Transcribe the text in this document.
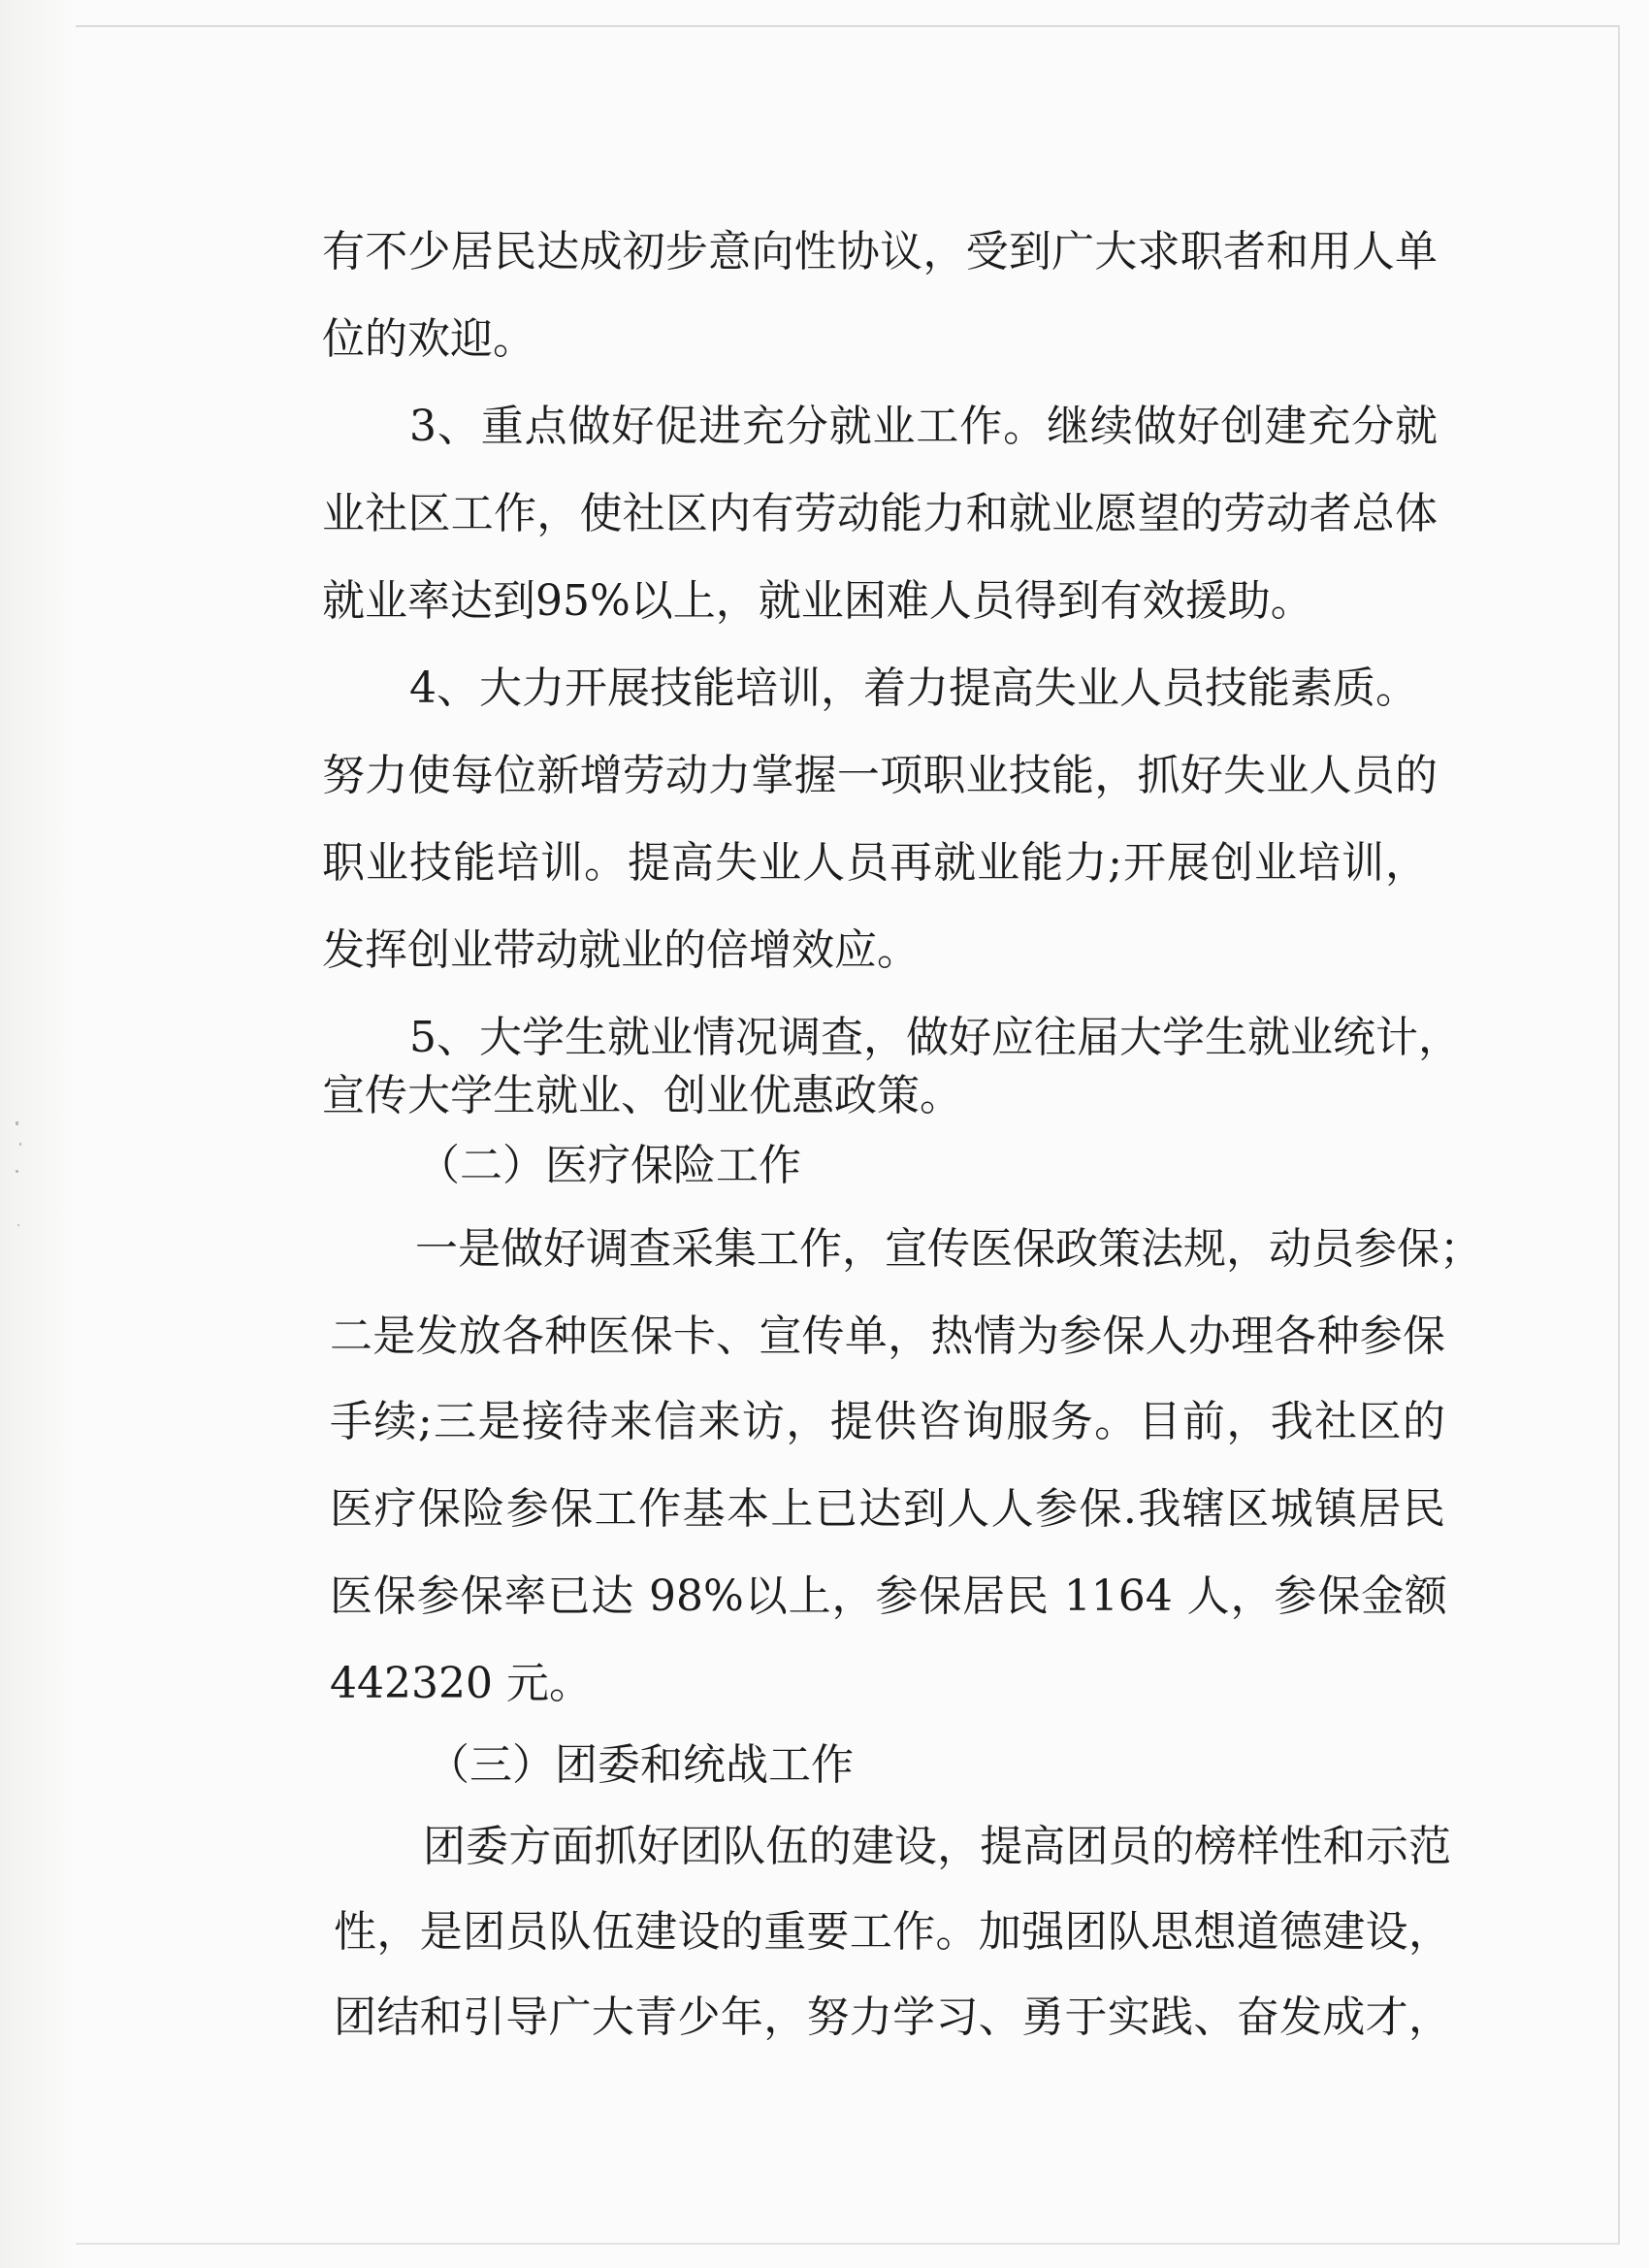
有不少居民达成初步意向性协议，受到广大求职者和用人单
位的欢迎。
3、重点做好促进充分就业工作。继续做好创建充分就
业社区工作，使社区内有劳动能力和就业愿望的劳动者总体
就业率达到95%以上，就业困难人员得到有效援助。
4、大力开展技能培训，着力提高失业人员技能素质。
努力使每位新增劳动力掌握一项职业技能，抓好失业人员的
职业技能培训。提高失业人员再就业能力;开展创业培训，
发挥创业带动就业的倍增效应。
5、大学生就业情况调查，做好应往届大学生就业统计，
宣传大学生就业、创业优惠政策。
（二）医疗保险工作
一是做好调查采集工作，宣传医保政策法规，动员参保；
二是发放各种医保卡、宣传单，热情为参保人办理各种参保
手续;三是接待来信来访，提供咨询服务。目前，我社区的
医疗保险参保工作基本上已达到人人参保.我辖区城镇居民
医保参保率已达 98%以上，参保居民 1164 人，参保金额
442320 元。
（三）团委和统战工作
团委方面抓好团队伍的建设，提高团员的榜样性和示范
性，是团员队伍建设的重要工作。加强团队思想道德建设，
团结和引导广大青少年，努力学习、勇于实践、奋发成才，
